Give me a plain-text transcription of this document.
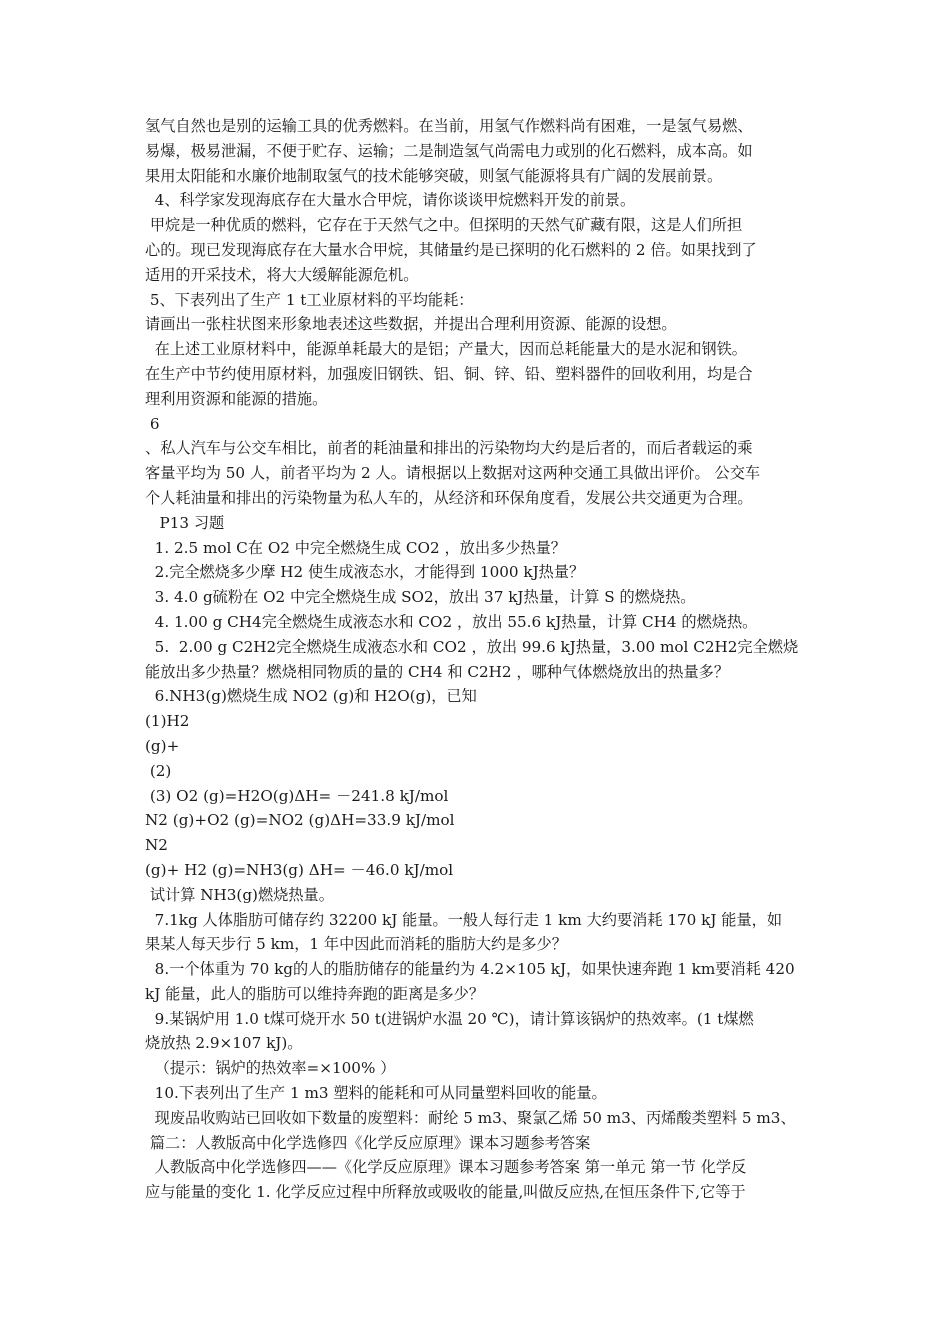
氢气自然也是别的运输工具的优秀燃料。在当前，用氢气作燃料尚有困难，一是氢气易燃、
易爆，极易泄漏，不便于贮存、运输；二是制造氢气尚需电力或别的化石燃料，成本高。如
果用太阳能和水廉价地制取氢气的技术能够突破，则氢气能源将具有广阔的发展前景。
4、科学家发现海底存在大量水合甲烷，请你谈谈甲烷燃料开发的前景。
甲烷是一种优质的燃料，它存在于天然气之中。但探明的天然气矿藏有限，这是人们所担
心的。现已发现海底存在大量水合甲烷，其储量约是已探明的化石燃料的 2 倍。如果找到了
适用的开采技术，将大大缓解能源危机。
5、下表列出了生产 1 t工业原材料的平均能耗：
请画出一张柱状图来形象地表述这些数据，并提出合理利用资源、能源的设想。
在上述工业原材料中，能源单耗最大的是铝；产量大，因而总耗能量大的是水泥和钢铁。
在生产中节约使用原材料，加强废旧钢铁、铝、铜、锌、铅、塑料器件的回收利用，均是合
理利用资源和能源的措施。
6
、私人汽车与公交车相比，前者的耗油量和排出的污染物均大约是后者的，而后者载运的乘
客量平均为 50 人，前者平均为 2 人。请根据以上数据对这两种交通工具做出评价。 公交车
个人耗油量和排出的污染物量为私人车的，从经济和环保角度看，发展公共交通更为合理。
P13 习题
1. 2.5 mol C在 O2 中完全燃烧生成 CO2 ，放出多少热量？
2.完全燃烧多少摩 H2 使生成液态水，才能得到 1000 kJ热量？
3. 4.0 g硫粉在 O2 中完全燃烧生成 SO2，放出 37 kJ热量，计算 S 的燃烧热。
4. 1.00 g CH4完全燃烧生成液态水和 CO2 ，放出 55.6 kJ热量，计算 CH4 的燃烧热。
5.  2.00 g C2H2完全燃烧生成液态水和 CO2 ，放出 99.6 kJ热量，3.00 mol C2H2完全燃烧
能放出多少热量？燃烧相同物质的量的 CH4 和 C2H2 ，哪种气体燃烧放出的热量多？
6.NH3(g)燃烧生成 NO2 (g)和 H2O(g)，已知
(1)H2
(g)+
(2)
(3) O2 (g)=H2O(g)ΔH= －241.8 kJ/mol
N2 (g)+O2 (g)=NO2 (g)ΔH=33.9 kJ/mol
N2
(g)+ H2 (g)=NH3(g) ΔH= －46.0 kJ/mol
试计算 NH3(g)燃烧热量。
7.1kg 人体脂肪可储存约 32200 kJ 能量。一般人每行走 1 km 大约要消耗 170 kJ 能量，如
果某人每天步行 5 km，1 年中因此而消耗的脂肪大约是多少？
8.一个体重为 70 kg的人的脂肪储存的能量约为 4.2×105 kJ，如果快速奔跑 1 km要消耗 420
kJ 能量，此人的脂肪可以维持奔跑的距离是多少？
9.某锅炉用 1.0 t煤可烧开水 50 t(进锅炉水温 20 ℃)，请计算该锅炉的热效率。(1 t煤燃
烧放热 2.9×107 kJ)。
（提示：锅炉的热效率=×100% ）
10.下表列出了生产 1 m3 塑料的能耗和可从同量塑料回收的能量。
现废品收购站已回收如下数量的废塑料：耐纶 5 m3、聚氯乙烯 50 m3、丙烯酸类塑料 5 m3、
篇二：人教版高中化学选修四《化学反应原理》课本习题参考答案
人教版高中化学选修四——《化学反应原理》课本习题参考答案 第一单元 第一节 化学反
应与能量的变化 1. 化学反应过程中所释放或吸收的能量,叫做反应热,在恒压条件下,它等于
